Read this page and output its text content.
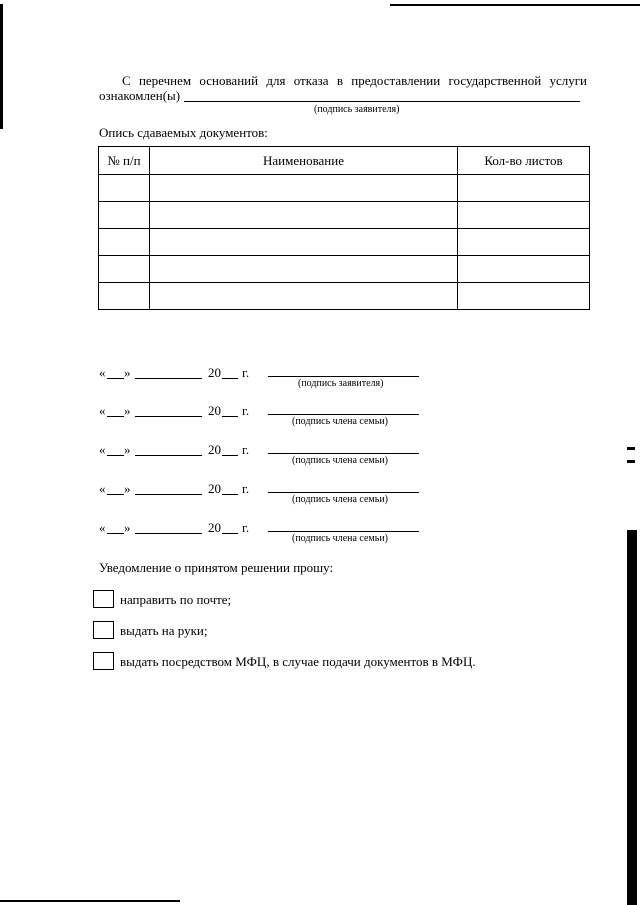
С перечнем оснований для отказа в предоставлении государственной услуги
ознакомлен(ы)
(подпись заявителя)
Опись сдаваемых документов:
№ п/п	Наименование	Кол-во листов

« »	20 г.
(подпись заявителя)
« »	20 г.
(подпись члена семьи)
« »	20 г.
(подпись члена семьи)
« »	20 г.
(подпись члена семьи)
« »	20 г.
(подпись члена семьи)
Уведомление о принятом решении прошу:
направить по почте;
выдать на руки;
выдать посредством МФЦ, в случае подачи документов в МФЦ.
